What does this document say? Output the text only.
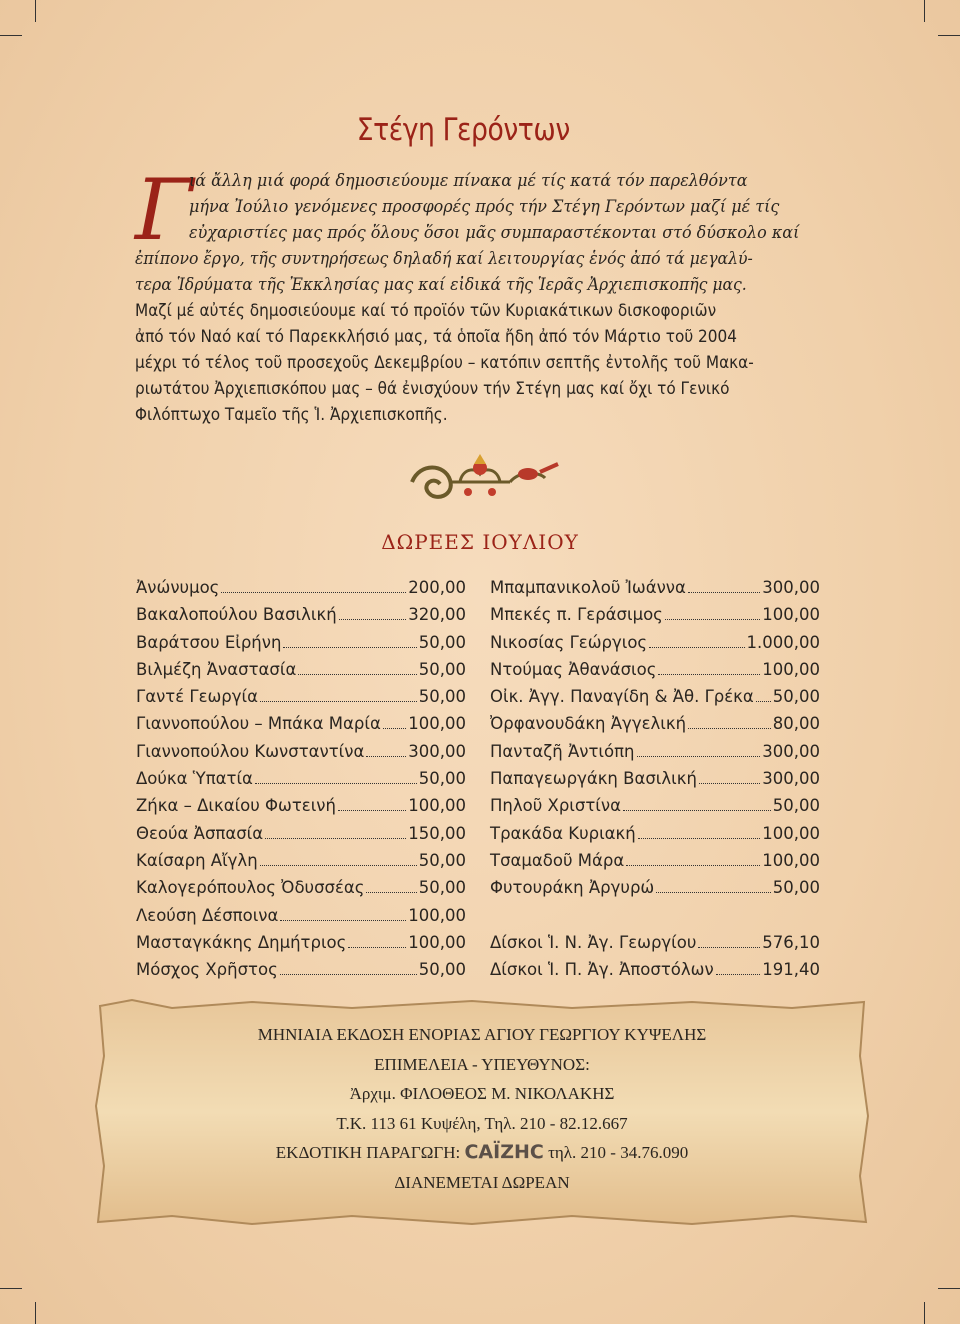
Στέγη Γερόντων
Γ
ιά ἄλλη μιά φορά δημοσιεύουμε πίνακα μέ τίς κατά τόν παρελθόντα
μήνα Ἰούλιο γενόμενες προσφορές πρός τήν Στέγη Γερόντων μαζί μέ τίς
εὐχαριστίες μας πρός ὅλους ὅσοι μᾶς συμπαραστέκονται στό δύσκολο καί
ἐπίπονο ἔργο, τῆς συντηρήσεως δηλαδή καί λειτουργίας ἑνός ἀπό τά μεγαλύ-
τερα Ἱδρύματα τῆς Ἐκκλησίας μας καί εἰδικά τῆς Ἱερᾶς Ἀρχιεπισκοπῆς μας.
Μαζί μέ αὐτές δημοσιεύουμε καί τό προϊόν τῶν Κυριακάτικων δισκοφοριῶν
ἀπό τόν Ναό καί τό Παρεκκλήσιό μας, τά ὁποῖα ἤδη ἀπό τόν Μάρτιο τοῦ 2004
μέχρι τό τέλος τοῦ προσεχοῦς Δεκεμβρίου – κατόπιν σεπτῆς ἐντολῆς τοῦ Μακα-
ριωτάτου Ἀρχιεπισκόπου μας – θά ἐνισχύουν τήν Στέγη μας καί ὄχι τό Γενικό
Φιλόπτωχο Ταμεῖο τῆς Ἱ. Ἀρχιεπισκοπῆς.
ΔΩΡΕΕΣ ΙΟΥΛΙΟΥ
Ἀνώνυμος	200,00
Βακαλοπούλου Βασιλική	320,00
Βαράτσου Εἰρήνη	50,00
Βιλμέζη Ἀναστασία	50,00
Γαντέ Γεωργία	50,00
Γιαννοπούλου – Μπάκα Μαρία 100,00
Γιαννοπούλου Κωνσταντίνα	300,00
Δούκα Ὑπατία	50,00
Ζήκα – Δικαίου Φωτεινή	100,00
Θεούα Ἀσπασία	150,00
Καίσαρη Αἴγλη	50,00
Καλογερόπουλος Ὀδυσσέας	50,00
Λεούση Δέσποινα	100,00
Μασταγκάκης Δημήτριος	100,00
Μόσχος Χρῆστος	50,00
Μπαμπανικολοῦ Ἰωάννα	300,00
Μπεκές π. Γεράσιμος	100,00
Νικοσίας Γεώργιος	1.000,00
Ντούμας Ἀθανάσιος	100,00
Οἰκ. Ἀγγ. Παναγίδη & Ἀθ. Γρέκα 50,00
Ὀρφανουδάκη Ἀγγελική	80,00
Πανταζῆ Ἀντιόπη	300,00
Παπαγεωργάκη Βασιλική	300,00
Πηλοῦ Χριστίνα	50,00
Τρακάδα Κυριακή	100,00
Τσαμαδοῦ Μάρα	100,00
Φυτουράκη Ἀργυρώ	50,00
Δίσκοι Ἱ. Ν. Ἀγ. Γεωργίου	576,10
Δίσκοι Ἱ. Π. Ἀγ. Ἀποστόλων	191,40
ΜΗΝΙΑΙΑ ΕΚΔΟΣΗ ΕΝΟΡΙΑΣ ΑΓΙΟΥ ΓΕΩΡΓΙΟΥ ΚΥΨΕΛΗΣ
ΕΠΙΜΕΛΕΙΑ - ΥΠΕΥΘΥΝΟΣ:
Ἀρχιμ. ΦΙΛΟΘΕΟΣ Μ. ΝΙΚΟΛΑΚΗΣ
Τ.Κ. 113 61 Κυψέλη, Τηλ. 210 - 82.12.667
ΕΚΔΟΤΙΚΗ ΠΑΡΑΓΩΓΗ: ϹΑΪΖΗϹ τηλ. 210 - 34.76.090
ΔΙΑΝΕΜΕΤΑΙ ΔΩΡΕΑΝ
